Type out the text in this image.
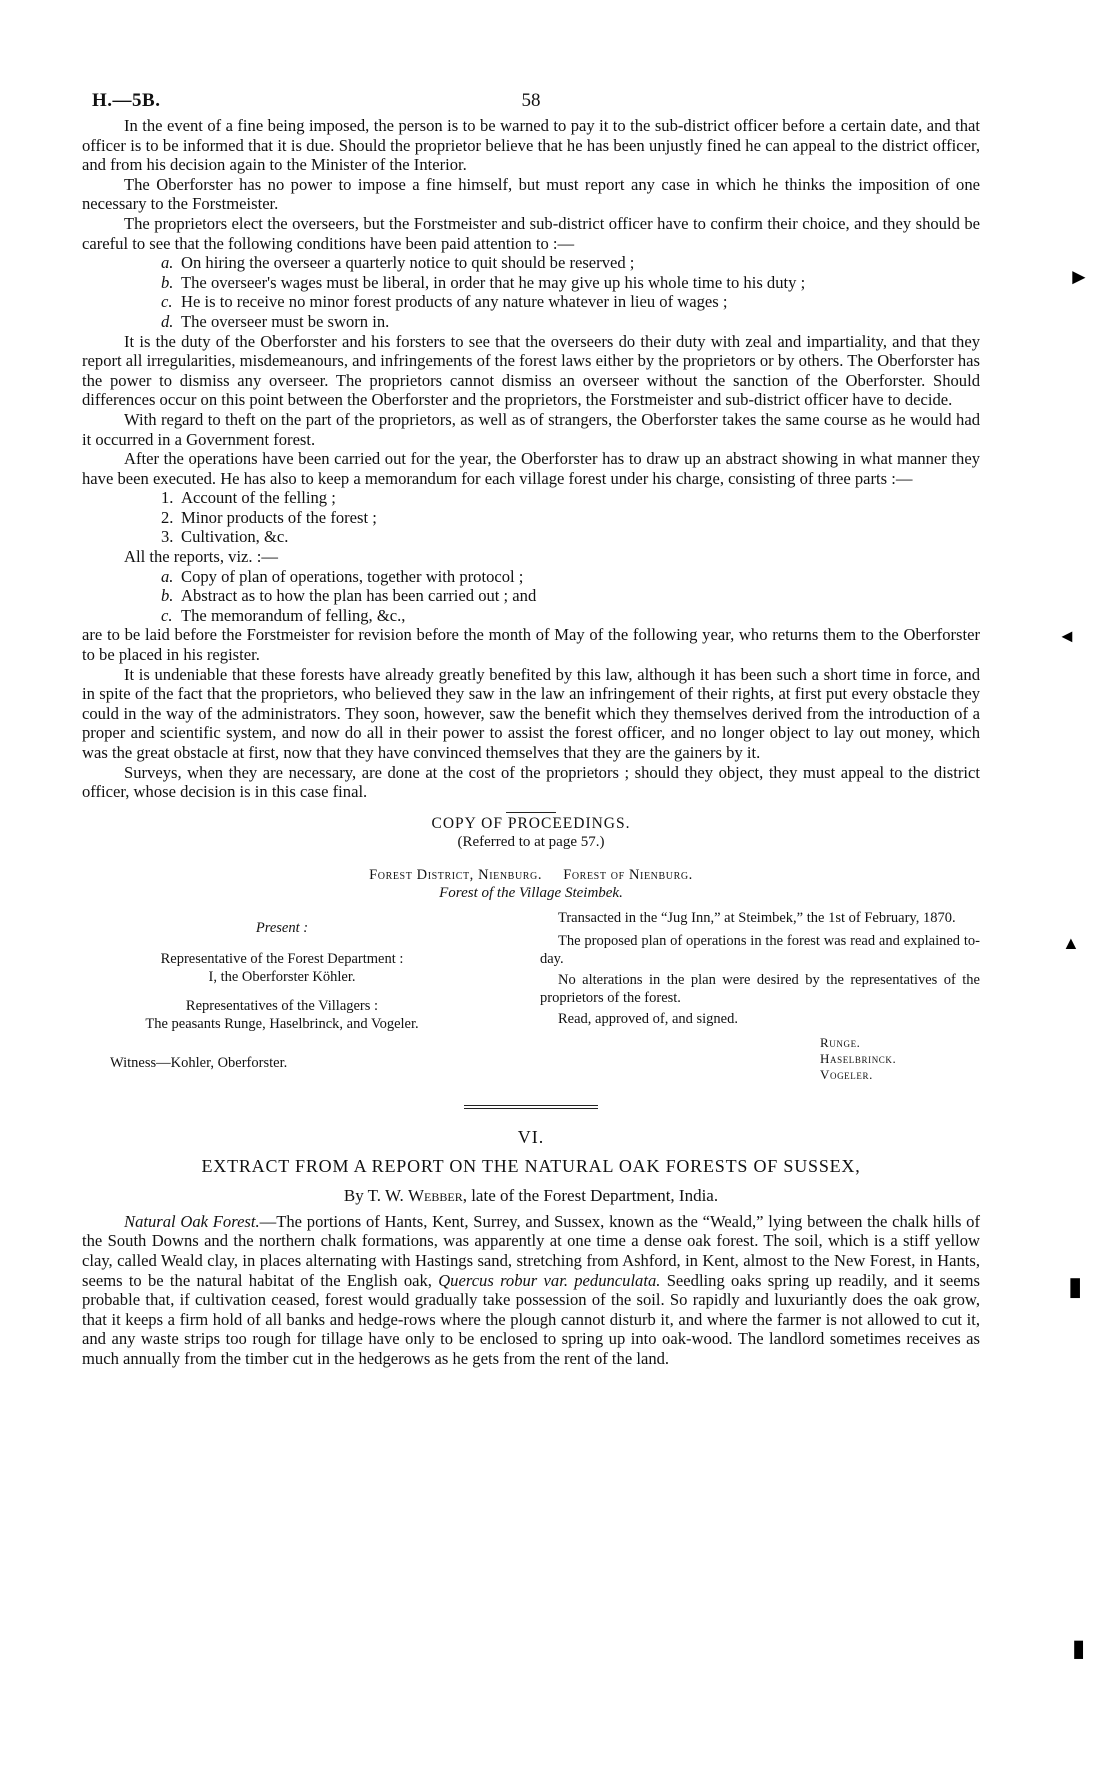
H.—5B.	58

In the event of a fine being imposed, the person is to be warned to pay it to the sub-district officer before a certain date, and that officer is to be informed that it is due. Should the proprietor believe that he has been unjustly fined he can appeal to the district officer, and from his decision again to the Minister of the Interior.

The Oberforster has no power to impose a fine himself, but must report any case in which he thinks the imposition of one necessary to the Forstmeister.

The proprietors elect the overseers, but the Forstmeister and sub-district officer have to confirm their choice, and they should be careful to see that the following conditions have been paid attention to :—

a. On hiring the overseer a quarterly notice to quit should be reserved ;
b. The overseer's wages must be liberal, in order that he may give up his whole time to his duty ;
c. He is to receive no minor forest products of any nature whatever in lieu of wages ;
d. The overseer must be sworn in.

It is the duty of the Oberforster and his forsters to see that the overseers do their duty with zeal and impartiality, and that they report all irregularities, misdemeanours, and infringements of the forest laws either by the proprietors or by others. The Oberforster has the power to dismiss any overseer. The proprietors cannot dismiss an overseer without the sanction of the Oberforster. Should differences occur on this point between the Oberforster and the proprietors, the Forstmeister and sub-district officer have to decide.

With regard to theft on the part of the proprietors, as well as of strangers, the Oberforster takes the same course as he would had it occurred in a Government forest.

After the operations have been carried out for the year, the Oberforster has to draw up an abstract showing in what manner they have been executed. He has also to keep a memorandum for each village forest under his charge, consisting of three parts :—

1. Account of the felling ;
2. Minor products of the forest ;
3. Cultivation, &c.

All the reports, viz. :—

a. Copy of plan of operations, together with protocol ;
b. Abstract as to how the plan has been carried out ; and
c. The memorandum of felling, &c.,

are to be laid before the Forstmeister for revision before the month of May of the following year, who returns them to the Oberforster to be placed in his register.

It is undeniable that these forests have already greatly benefited by this law, although it has been such a short time in force, and in spite of the fact that the proprietors, who believed they saw in the law an infringement of their rights, at first put every obstacle they could in the way of the administrators. They soon, however, saw the benefit which they themselves derived from the introduction of a proper and scientific system, and now do all in their power to assist the forest officer, and no longer object to lay out money, which was the great obstacle at first, now that they have convinced themselves that they are the gainers by it.

Surveys, when they are necessary, are done at the cost of the proprietors ; should they object, they must appeal to the district officer, whose decision is in this case final.

COPY OF PROCEEDINGS.
(Referred to at page 57.)
Forest District, Nienburg.     Forest of Nienburg.
Forest of the Village Steimbek.
Present :
Representative of the Forest Department :
I, the Oberforster Köhler.
Representatives of the Villagers :
The peasants Runge, Haselbrinck, and Vogeler.
Witness—Kohler, Oberforster.

Transacted in the “Jug Inn,” at Steimbek,” the 1st of February, 1870.

The proposed plan of operations in the forest was read and explained to-day.

No alterations in the plan were desired by the representatives of the proprietors of the forest.

Read, approved of, and signed.

Runge.
Haselbrinck.
Vogeler.
VI.
EXTRACT FROM A REPORT ON THE NATURAL OAK FORESTS OF SUSSEX,
By T. W. Webber, late of the Forest Department, India.

Natural Oak Forest.—The portions of Hants, Kent, Surrey, and Sussex, known as the “Weald,” lying between the chalk hills of the South Downs and the northern chalk formations, was apparently at one time a dense oak forest. The soil, which is a stiff yellow clay, called Weald clay, in places alternating with Hastings sand, stretching from Ashford, in Kent, almost to the New Forest, in Hants, seems to be the natural habitat of the English oak, Quercus robur var. pedunculata. Seedling oaks spring up readily, and it seems probable that, if cultivation ceased, forest would gradually take possession of the soil. So rapidly and luxuriantly does the oak grow, that it keeps a firm hold of all banks and hedge-rows where the plough cannot disturb it, and where the farmer is not allowed to cut it, and any waste strips too rough for tillage have only to be enclosed to spring up into oak-wood. The landlord sometimes receives as much annually from the timber cut in the hedgerows as he gets from the rent of the land.

►
◄
▲
▮
▮
